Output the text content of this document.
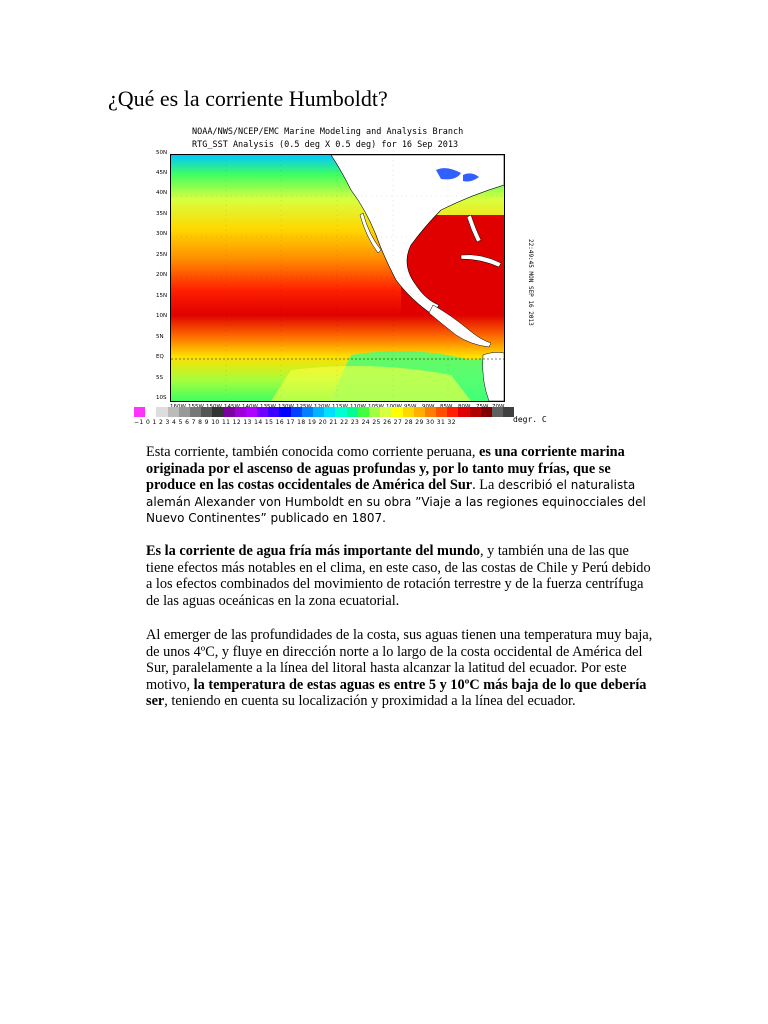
¿Qué es la corriente Humboldt?
NOAA/NWS/NCEP/EMC Marine Modeling and Analysis Branch
RTG_SST Analysis (0.5 deg X 0.5 deg) for 16 Sep 2013
50N
45N
40N
35N
30N
25N
20N
15N
10N
5N
EQ
5S
10S
22:49:45 MON SEP 16 2013
−1 0 1 2 3 4 5 6 7 8 9 10 11 12 13 14 15 16 17 18 19 20 21 22 23 24 25 26 27 28 29 30 31 32	degr. C
Esta corriente, también conocida como corriente peruana, es una corriente marina originada por el ascenso de aguas profundas y, por lo tanto muy frías, que se produce en las costas occidentales de América del Sur. La describió el naturalista alemán Alexander von Humboldt en su obra ”Viaje a las regiones equinocciales del Nuevo Continentes” publicado en 1807.
Es la corriente de agua fría más importante del mundo, y también una de las que tiene efectos más notables en el clima, en este caso, de las costas de Chile y Perú debido a los efectos combinados del movimiento de rotación terrestre y de la fuerza centrífuga de las aguas oceánicas en la zona ecuatorial.
Al emerger de las profundidades de la costa, sus aguas tienen una temperatura muy baja, de unos 4ºC, y fluye en dirección norte a lo largo de la costa occidental de América del Sur, paralelamente a la línea del litoral hasta alcanzar la latitud del ecuador. Por este motivo, la temperatura de estas aguas es entre 5 y 10ºC más baja de lo que debería ser, teniendo en cuenta su localización y proximidad a la línea del ecuador.
